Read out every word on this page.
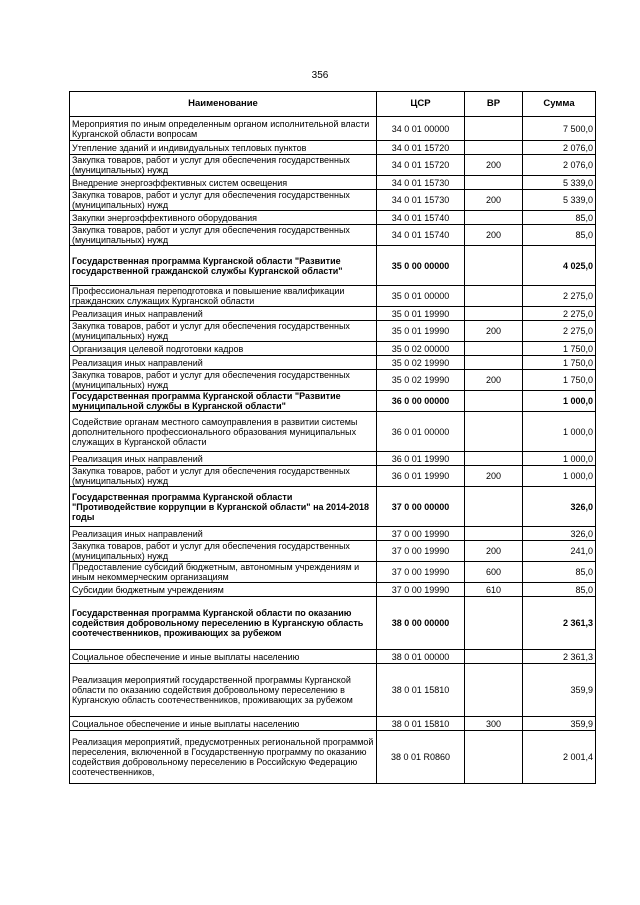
356
Наименование	ЦСР	ВР	Сумма
Мероприятия по иным определенным органом исполнительной власти Курганской области вопросам	34 0 01 00000		7 500,0
Утепление зданий и индивидуальных тепловых пунктов	34 0 01 15720		2 076,0
Закупка товаров, работ и услуг для обеспечения государственных (муниципальных) нужд	34 0 01 15720	200	2 076,0
Внедрение энергоэффективных систем освещения	34 0 01 15730		5 339,0
Закупка товаров, работ и услуг для обеспечения государственных (муниципальных) нужд	34 0 01 15730	200	5 339,0
Закупки энергоэффективного оборудования	34 0 01 15740		85,0
Закупка товаров, работ и услуг для обеспечения государственных (муниципальных) нужд	34 0 01 15740	200	85,0
Государственная программа Курганской области "Развитие государственной гражданской службы Курганской области"	35 0 00 00000		4 025,0
Профессиональная переподготовка и повышение квалификации гражданских служащих Курганской области	35 0 01 00000		2 275,0
Реализация иных направлений	35 0 01 19990		2 275,0
Закупка товаров, работ и услуг для обеспечения государственных (муниципальных) нужд	35 0 01 19990	200	2 275,0
Организация целевой подготовки кадров	35 0 02 00000		1 750,0
Реализация иных направлений	35 0 02 19990		1 750,0
Закупка товаров, работ и услуг для обеспечения государственных (муниципальных) нужд	35 0 02 19990	200	1 750,0
Государственная программа Курганской области "Развитие муниципальной службы в Курганской области"	36 0 00 00000		1 000,0
Содействие органам местного самоуправления в развитии системы дополнительного профессионального образования муниципальных служащих в Курганской области	36 0 01 00000		1 000,0
Реализация иных направлений	36 0 01 19990		1 000,0
Закупка товаров, работ и услуг для обеспечения государственных (муниципальных) нужд	36 0 01 19990	200	1 000,0
Государственная программа Курганской области "Противодействие коррупции в Курганской области" на 2014-2018 годы	37 0 00 00000		326,0
Реализация иных направлений	37 0 00 19990		326,0
Закупка товаров, работ и услуг для обеспечения государственных (муниципальных) нужд	37 0 00 19990	200	241,0
Предоставление субсидий бюджетным, автономным учреждениям и иным некоммерческим организациям	37 0 00 19990	600	85,0
Субсидии бюджетным учреждениям	37 0 00 19990	610	85,0
Государственная программа Курганской области по оказанию содействия добровольному переселению в Курганскую область соотечественников, проживающих за рубежом	38 0 00 00000		2 361,3
Социальное обеспечение и иные выплаты населению	38 0 01 00000		2 361,3
Реализация мероприятий государственной программы Курганской области по оказанию содействия добровольному переселению в Курганскую область соотечественников, проживающих за рубежом	38 0 01 15810		359,9
Социальное обеспечение и иные выплаты населению	38 0 01 15810	300	359,9
Реализация мероприятий, предусмотренных региональной программой переселения, включенной в Государственную программу по оказанию содействия добровольному переселению в Российскую Федерацию соотечественников,	38 0 01 R0860		2 001,4
